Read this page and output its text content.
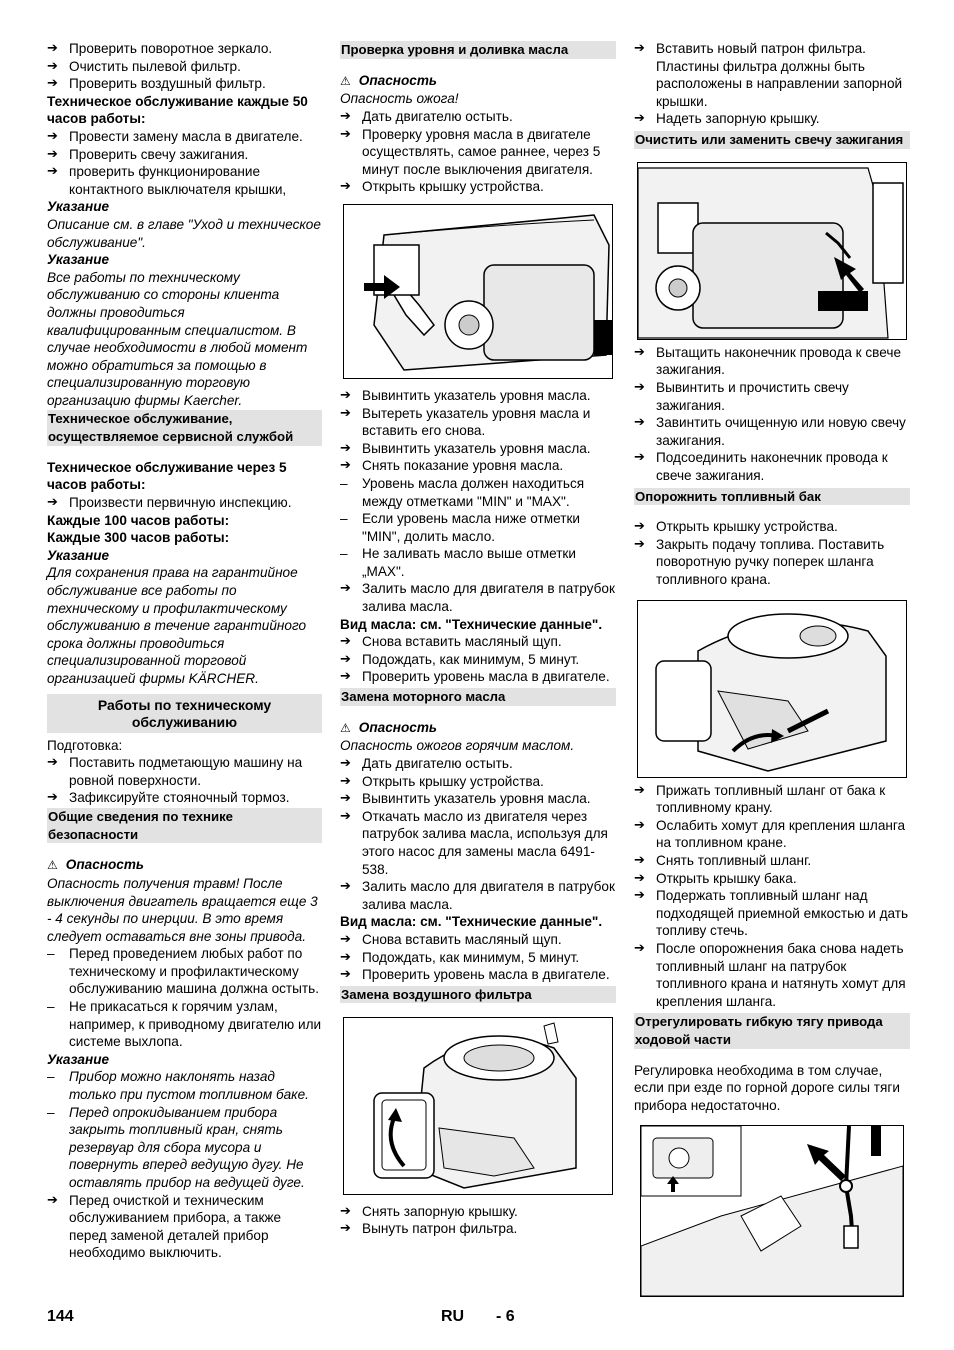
➔ Проверить поворотное зеркало.

➔ Очистить пылевой фильтр.

➔ Проверить воздушный фильтр.

Техническое обслуживание каждые 50 часов работы:

➔ Провести замену масла в двигателе.

➔ Проверить свечу зажигания.

➔ проверить функционирование контактного выключателя крышки,

Указание

Описание см. в главе "Уход и техническое обслуживание".

Указание

Все работы по техническому обслуживанию со стороны клиента должны проводиться квалифицированным специалистом. В случае необходимости в любой момент можно обратиться за помощью в специализированную торговую организацию фирмы Kaercher.

Техническое обслуживание, осуществляемое сервисной службой

Техническое обслуживание через 5 часов работы:

➔ Произвести первичную инспекцию.

Каждые 100 часов работы:

Каждые 300 часов работы:

Указание

Для сохранения права на гарантийное обслуживание все работы по техническому и профилактическому обслуживанию в течение гарантийного срока должны проводиться специализированной торговой организацией фирмы KÄRCHER.

Работы по техническому обслуживанию

Подготовка:

➔ Поставить подметающую машину на ровной поверхности.

➔ Зафиксируйте стояночный тормоз.

Общие сведения по технике безопасности

⚠ Опасность

Опасность получения травм! После выключения двигатель вращается еще 3 - 4 секунды по инерции. В это время следует оставаться вне зоны привода.

– Перед проведением любых работ по техническому и профилактическому обслуживанию машина должна остыть.

– Не прикасаться к горячим узлам, например, к приводному двигателю или системе выхлопа.

Указание

– Прибор можно наклонять назад только при пустом топливном баке.

– Перед опрокидыванием прибора закрыть топливный кран, снять резервуар для сбора мусора и повернуть вперед ведущую дугу. Не оставлять прибор на ведущей дуге.

➔ Перед очисткой и техническим обслуживанием прибора, а также перед заменой деталей прибор необходимо выключить.

Проверка уровня и доливка масла

⚠ Опасность

Опасность ожога!

➔ Дать двигателю остыть.

➔ Проверку уровня масла в двигателе осуществлять, самое раннее, через 5 минут после выключения двигателя.

➔ Открыть крышку устройства.

➔ Вывинтить указатель уровня масла.

➔ Вытереть указатель уровня масла и вставить его снова.

➔ Вывинтить указатель уровня масла.

➔ Снять показание уровня масла.

– Уровень масла должен находиться между отметками "MIN" и "MAX".

– Если уровень масла ниже отметки "MIN", долить масло.

– Не заливать масло выше отметки „MAX".

➔ Залить масло для двигателя в патрубок залива масла.

Вид масла: см. "Технические данные".

➔ Снова вставить масляный щуп.

➔ Подождать, как минимум, 5 минут.

➔ Проверить уровень масла в двигателе.

Замена моторного масла

⚠ Опасность

Опасность ожогов горячим маслом.

➔ Дать двигателю остыть.

➔ Открыть крышку устройства.

➔ Вывинтить указатель уровня масла.

➔ Откачать масло из двигателя через патрубок залива масла, используя для этого насос для замены масла 6491-538.

➔ Залить масло для двигателя в патрубок залива масла.

Вид масла: см. "Технические данные".

➔ Снова вставить масляный щуп.

➔ Подождать, как минимум, 5 минут.

➔ Проверить уровень масла в двигателе.

Замена воздушного фильтра

➔ Снять запорную крышку.

➔ Вынуть патрон фильтра.

➔ Вставить новый патрон фильтра. Пластины фильтра должны быть расположены в направлении запорной крышки.

➔ Надеть запорную крышку.

Очистить или заменить свечу зажигания

➔ Вытащить наконечник провода к свече зажигания.

➔ Вывинтить и прочистить свечу зажигания.

➔ Завинтить очищенную или новую свечу зажигания.

➔ Подсоединить наконечник провода к свече зажигания.

Опорожнить топливный бак

➔ Открыть крышку устройства.

➔ Закрыть подачу топлива. Поставить поворотную ручку поперек шланга топливного крана.

➔ Прижать топливный шланг от бака к топливному крану.

➔ Ослабить хомут для крепления шланга на топливном кране.

➔ Снять топливный шланг.

➔ Открыть крышку бака.

➔ Подержать топливный шланг над подходящей приемной емкостью и дать топливу стечь.

➔ После опорожнения бака снова надеть топливный шланг на патрубок топливного крана и натянуть хомут для крепления шланга.

Отрегулировать гибкую тягу привода ходовой части

Регулировка необходима в том случае, если при езде по горной дороге силы тяги прибора недостаточно.

144	RU - 6
